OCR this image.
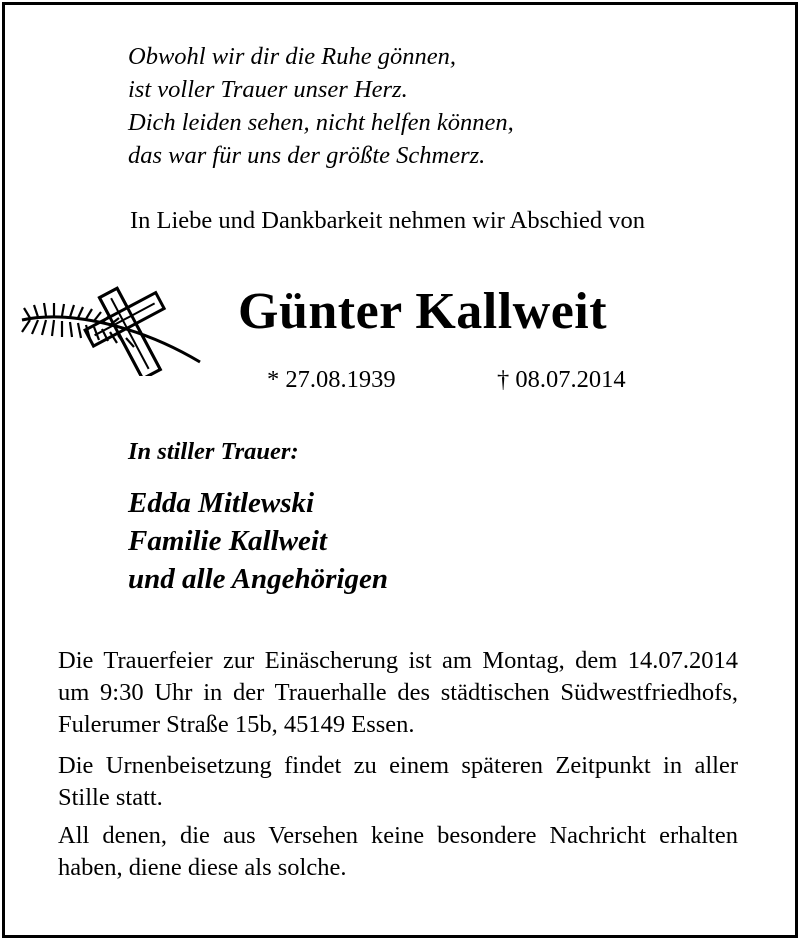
Obwohl wir dir die Ruhe gönnen,
ist voller Trauer unser Herz.
Dich leiden sehen, nicht helfen können,
das war für uns der größte Schmerz.
In Liebe und Dankbarkeit nehmen wir Abschied von
Günter Kallweit
* 27.08.1939	† 08.07.2014
In stiller Trauer:
Edda Mitlewski
Familie Kallweit
und alle Angehörigen
Die Trauerfeier zur Einäscherung ist am Montag, dem 14.07.2014 um 9:30 Uhr in der Trauerhalle des städtischen Südwestfriedhofs, Fulerumer Straße 15b, 45149 Essen.
Die Urnenbeisetzung findet zu einem späteren Zeitpunkt in aller Stille statt.
All denen, die aus Versehen keine besondere Nachricht erhalten haben, diene diese als solche.
